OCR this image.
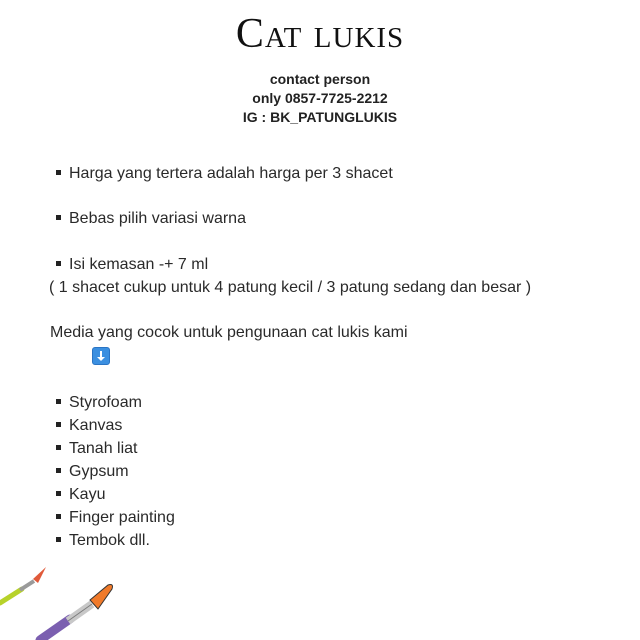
Cat lukis
contact person
only 0857-7725-2212
IG : BK_PATUNGLUKIS
Harga yang tertera adalah harga per 3 shacet
Bebas pilih variasi warna
Isi kemasan -+ 7 ml
( 1 shacet cukup untuk 4 patung kecil / 3 patung sedang dan besar )
Media yang cocok untuk pengunaan cat lukis kami
Styrofoam
Kanvas
Tanah liat
Gypsum
Kayu
Finger painting
Tembok dll.
